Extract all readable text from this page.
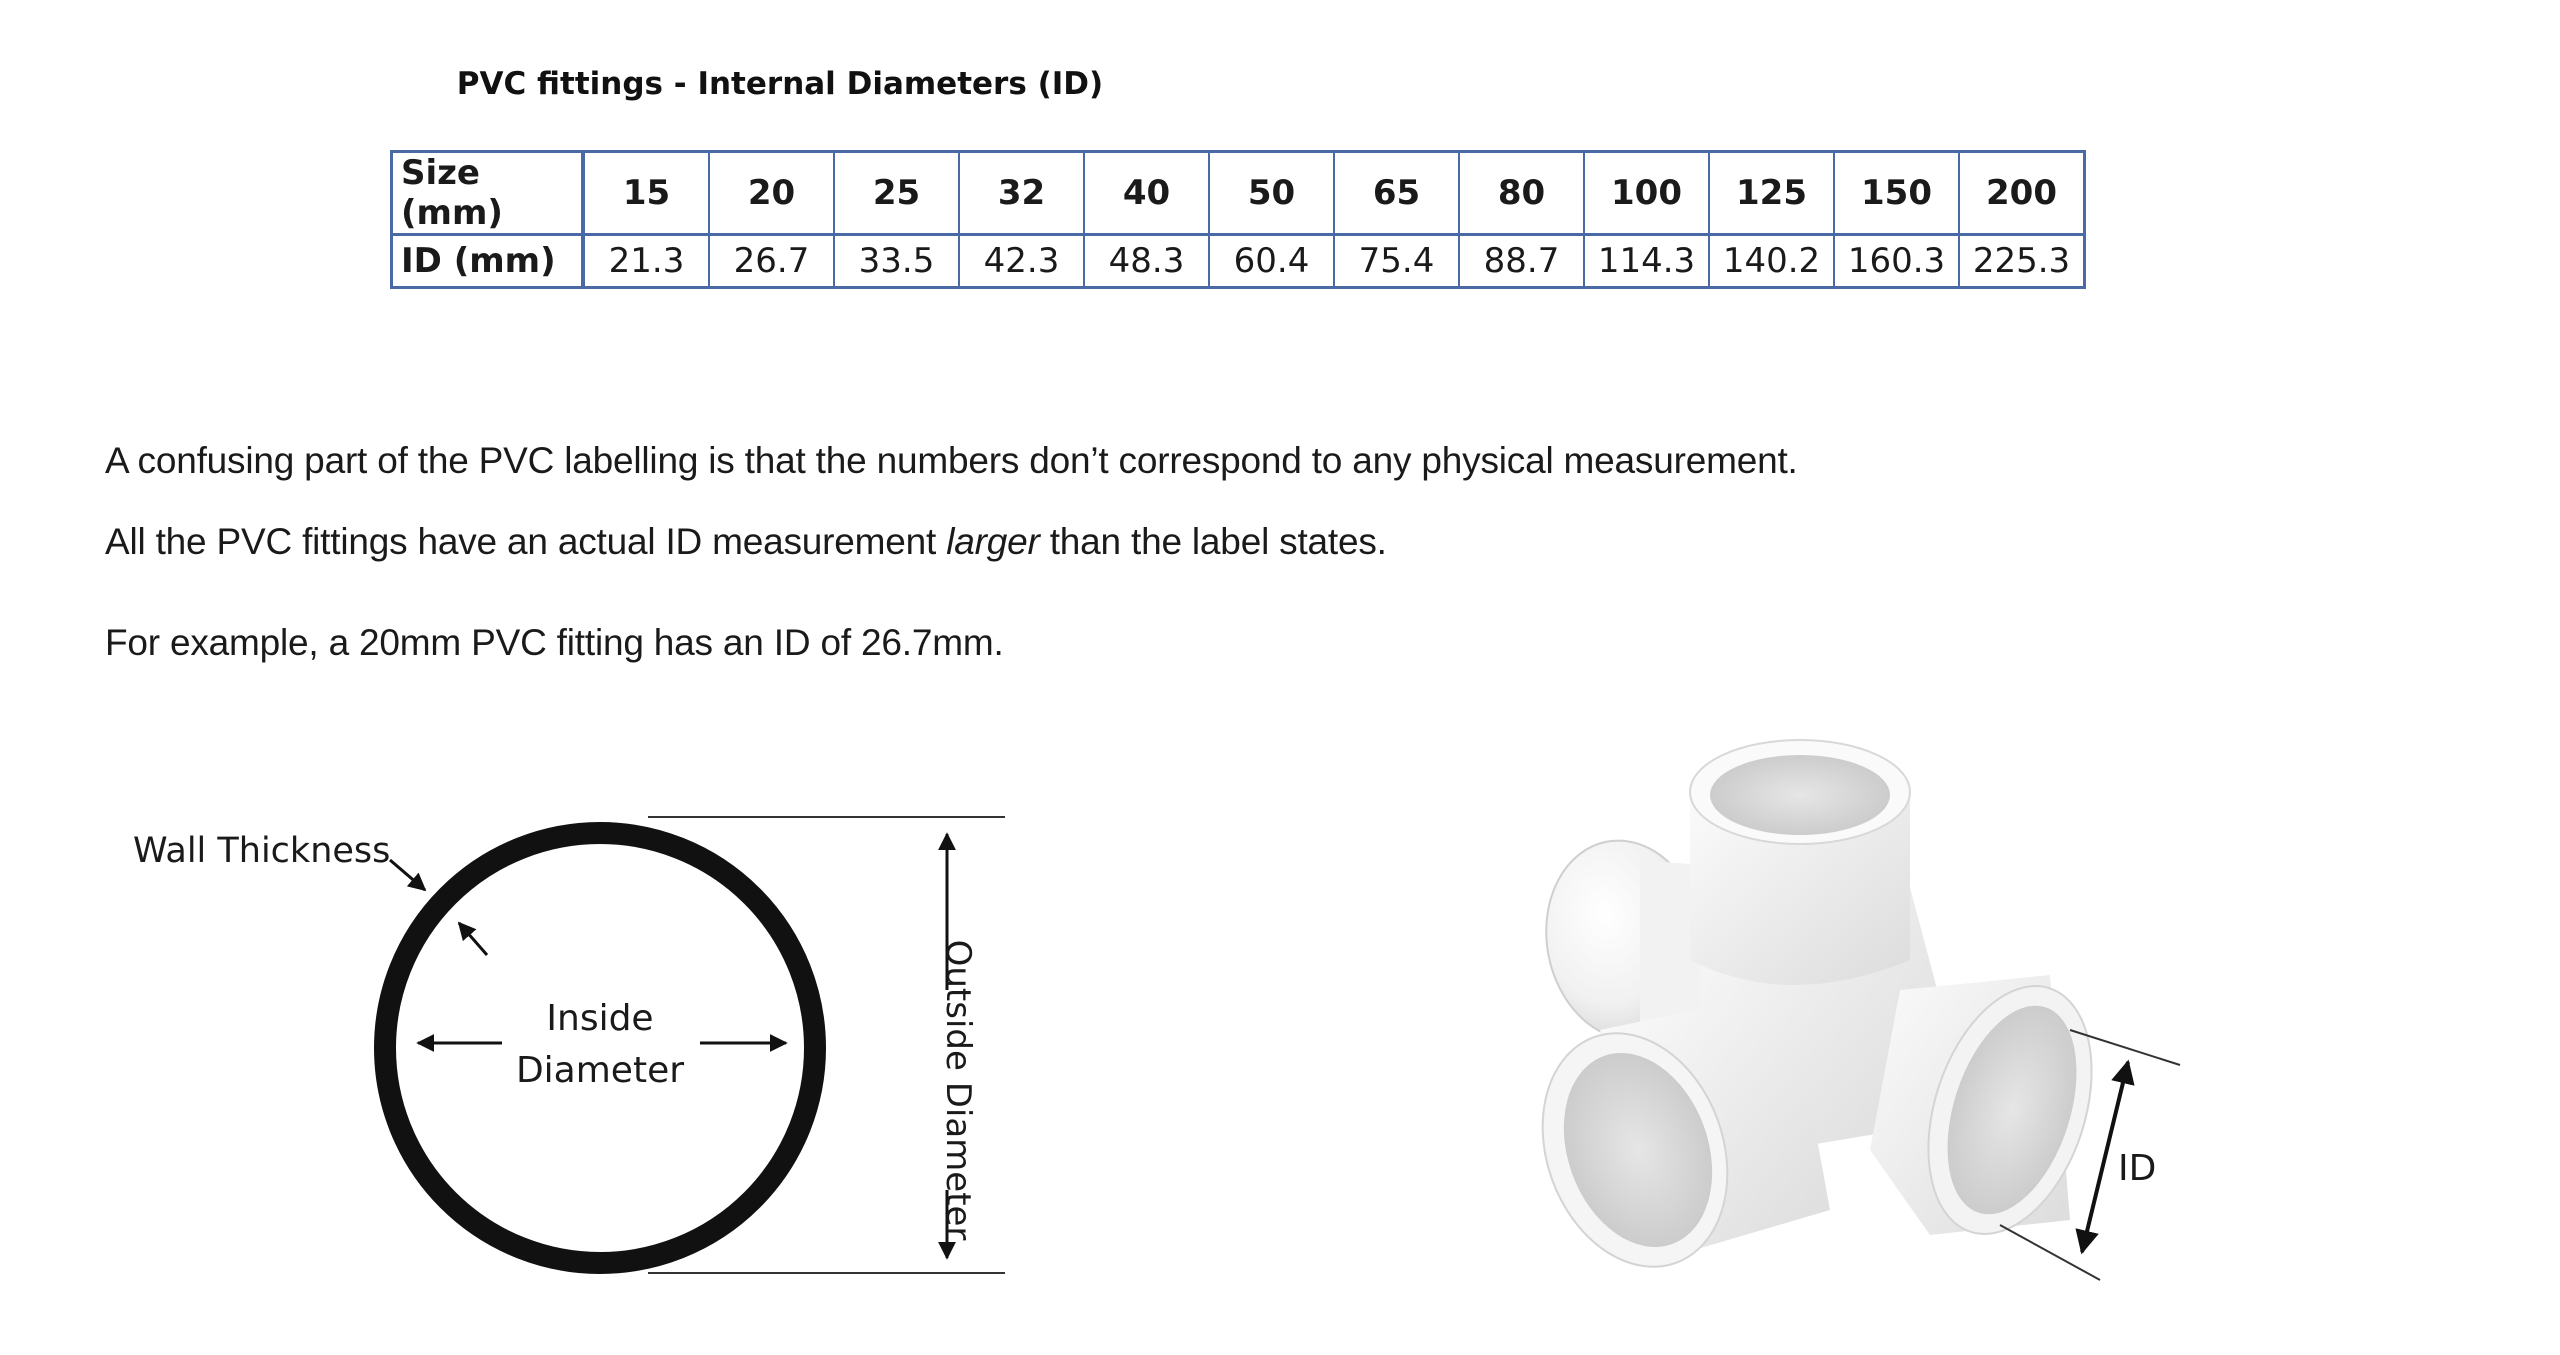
PVC fittings - Internal Diameters (ID)
Size (mm)	15	20	25	32	40	50	65	80	100	125	150	200
ID (mm)	21.3	26.7	33.5	42.3	48.3	60.4	75.4	88.7	114.3	140.2	160.3	225.3
A confusing part of the PVC labelling is that the numbers don’t correspond to any physical measurement.
All the PVC fittings have an actual ID measurement larger than the label states.
For example, a 20mm PVC fitting has an ID of 26.7mm.
Outside Diameter
Inside
Diameter
Wall Thickness
ID
